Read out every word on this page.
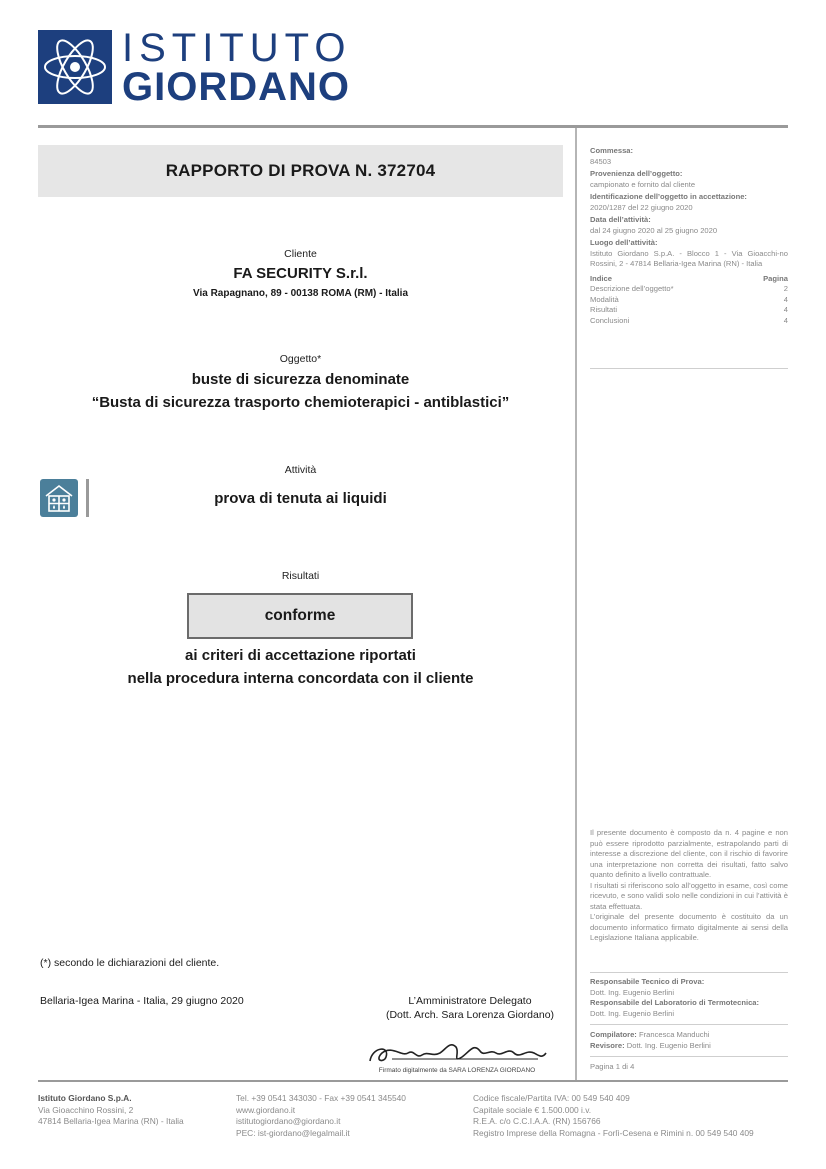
ISTITUTO
GIORDANO
RAPPORTO DI PROVA N. 372704
Cliente
FA SECURITY S.r.l.
Via Rapagnano, 89 - 00138 ROMA (RM) - Italia
Oggetto*
buste di sicurezza denominate
“Busta di sicurezza trasporto chemioterapici - antiblastici”
Attività
prova di tenuta ai liquidi
Risultati
conforme
ai criteri di accettazione riportati
nella procedura interna concordata con il cliente
(*) secondo le dichiarazioni del cliente.
Bellaria-Igea Marina - Italia, 29 giugno 2020	L’Amministratore Delegato
(Dott. Arch. Sara Lorenza Giordano)
Firmato digitalmente da SARA LORENZA GIORDANO
Commessa:
84503
Provenienza dell’oggetto:
campionato e fornito dal cliente
Identificazione dell’oggetto in accettazione:
2020/1287 del 22 giugno 2020
Data dell’attività:
dal 24 giugno 2020 al 25 giugno 2020
Luogo dell’attività:
Istituto Giordano S.p.A. - Blocco 1 - Via Gioacchi-no Rossini, 2 - 47814 Bellaria-Igea Marina (RN) - Italia
Indice	Pagina
Descrizione dell’oggetto*	2
Modalità	4
Risultati	4
Conclusioni	4
Il presente documento è composto da n. 4 pagine e non può essere riprodotto parzialmente, estrapolando parti di interesse a discrezione del cliente, con il rischio di favorire una interpretazione non corretta dei risultati, fatto salvo quanto definito a livello contrattuale.
I risultati si riferiscono solo all’oggetto in esame, così come ricevuto, e sono validi solo nelle condizioni in cui l’attività è stata effettuata.
L’originale del presente documento è costituito da un documento informatico firmato digitalmente ai sensi della Legislazione Italiana applicabile.
Responsabile Tecnico di Prova:
Dott. Ing. Eugenio Berlini
Responsabile del Laboratorio di Termotecnica:
Dott. Ing. Eugenio Berlini
Compilatore: Francesca Manduchi
Revisore: Dott. Ing. Eugenio Berlini
Pagina 1 di 4
Istituto Giordano S.p.A.
Via Gioacchino Rossini, 2
47814 Bellaria-Igea Marina (RN) - Italia
Tel. +39 0541 343030 - Fax +39 0541 345540
www.giordano.it
istitutogiordano@giordano.it
PEC: ist-giordano@legalmail.it
Codice fiscale/Partita IVA: 00 549 540 409
Capitale sociale € 1.500.000 i.v.
R.E.A. c/o C.C.I.A.A. (RN) 156766
Registro Imprese della Romagna - Forlì-Cesena e Rimini n. 00 549 540 409
